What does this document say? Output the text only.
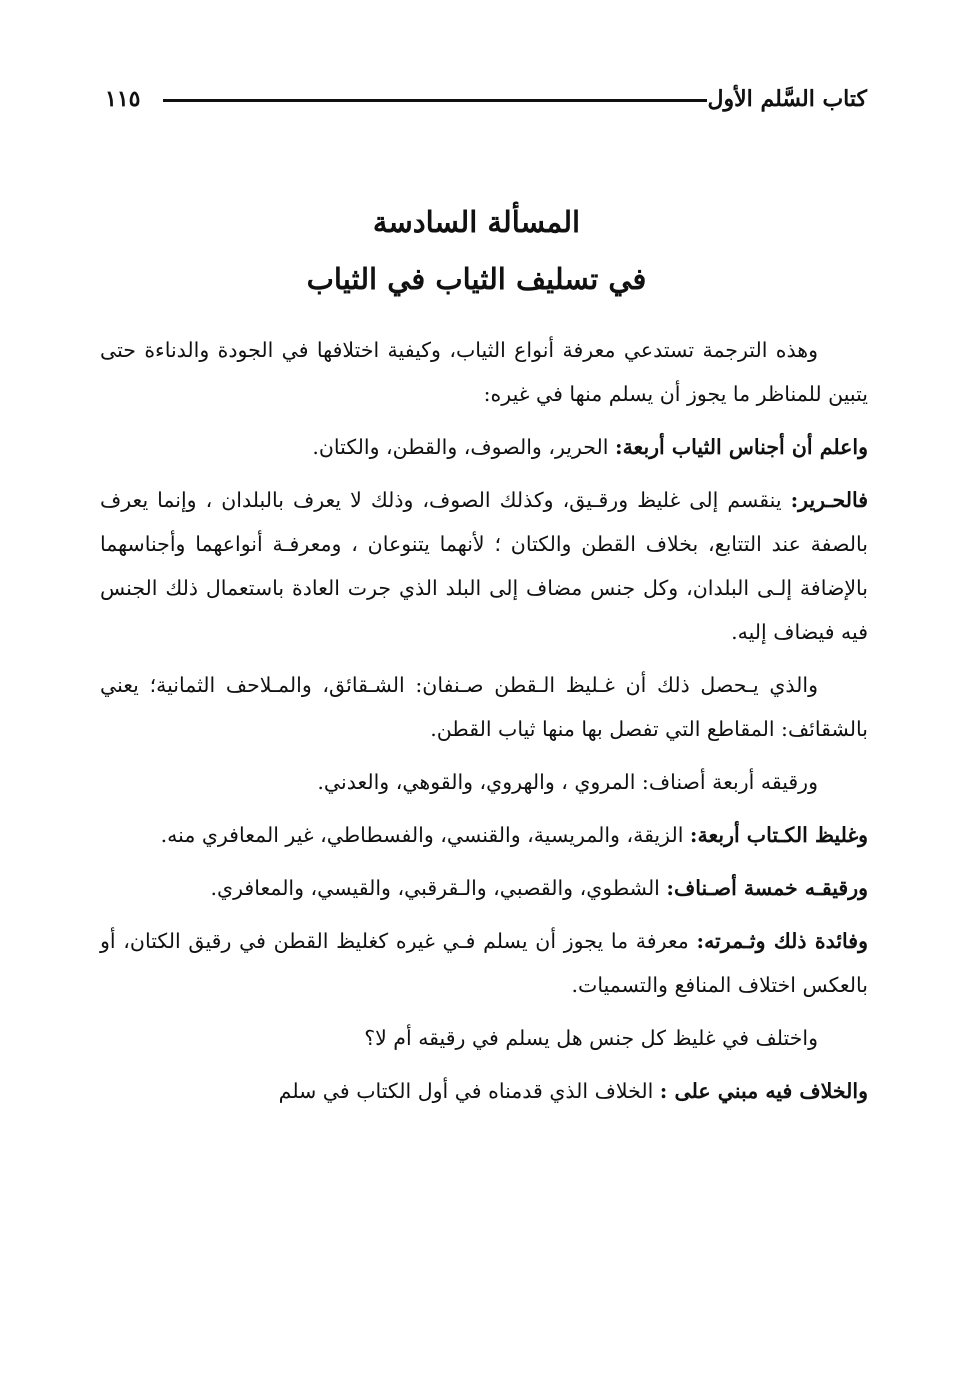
كتاب السَّلم الأول
١١٥
المسألة السادسة
في تسليف الثياب في الثياب

وهذه الترجمة تستدعي معرفة أنواع الثياب، وكيفية اختلافها في الجودة والدناءة حتى يتبين للمناظر ما يجوز أن يسلم منها في غيره:

واعلم أن أجناس الثياب أربعة: الحرير، والصوف، والقطن، والكتان.

فالحـرير: ينقسم إلى غليظ ورقـيق، وكذلك الصوف، وذلك لا يعرف بالبلدان ، وإنما يعرف بالصفة عند التتابع، بخلاف القطن والكتان ؛ لأنهما يتنوعان ، ومعرفـة أنواعهما وأجناسهما بالإضافة إلـى البلدان، وكل جنس مضاف إلى البلد الذي جرت العادة باستعمال ذلك الجنس فيه فيضاف إليه.

والذي يـحصل ذلك أن غـليظ الـقطن صـنفان: الشـقائق، والمـلاحف الثمانية؛ يعني بالشقائف: المقاطع التي تفصل بها منها ثياب القطن.

ورقيقه أربعة أصناف: المروي ، والهروي، والقوهي، والعدني.

وغليظ الكـتاب أربعة: الزيقة، والمريسية، والقنسي، والفسطاطي، غير المعافري منه.

ورقيقـه خمسة أصـناف: الشطوي، والقصبي، والـقرقبي، والقيسي، والمعافري.

وفائدة ذلك وثـمرته: معرفة ما يجوز أن يسلم فـي غيره كغليظ القطن في رقيق الكتان، أو بالعكس اختلاف المنافع والتسميات.

واختلف في غليظ كل جنس هل يسلم في رقيقه أم لا؟

والخلاف فيه مبني على : الخلاف الذي قدمناه في أول الكتاب في سلم
